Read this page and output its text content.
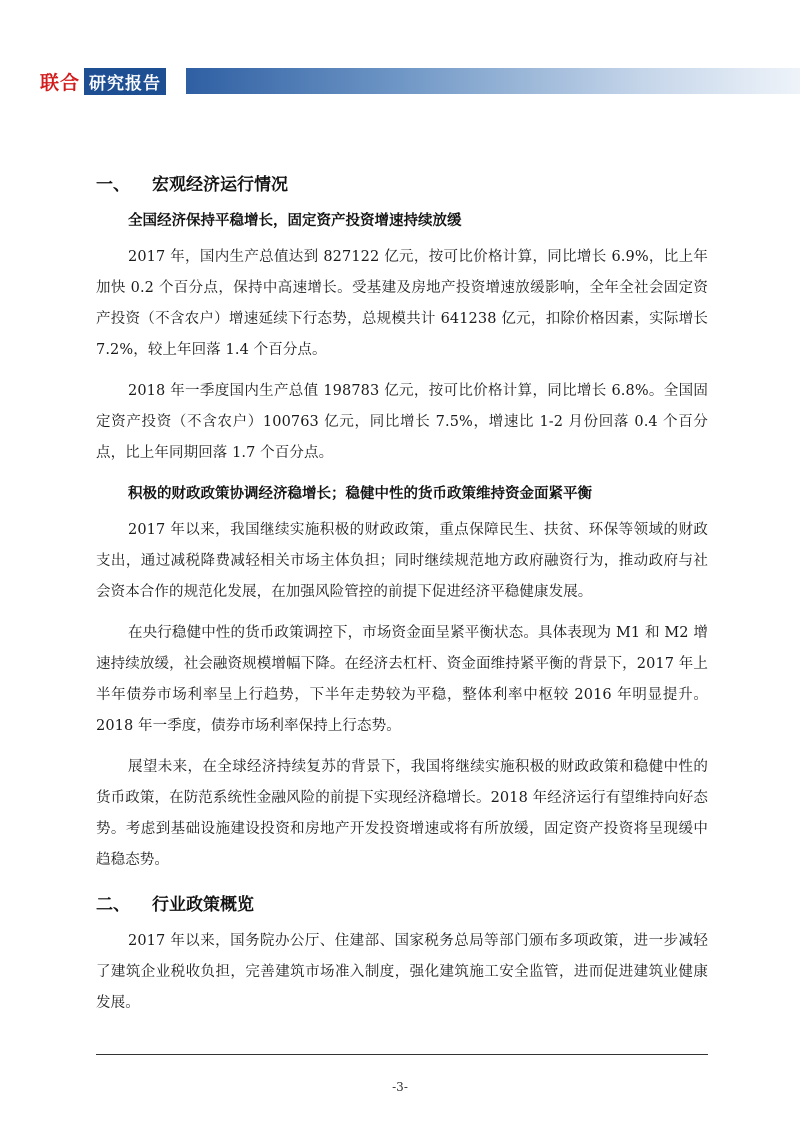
联合 研究报告
一、 宏观经济运行情况
全国经济保持平稳增长，固定资产投资增速持续放缓

2017 年，国内生产总值达到 827122 亿元，按可比价格计算，同比增长 6.9%，比上年加快 0.2 个百分点，保持中高速增长。受基建及房地产投资增速放缓影响，全年全社会固定资产投资（不含农户）增速延续下行态势，总规模共计 641238 亿元，扣除价格因素，实际增长 7.2%，较上年回落 1.4 个百分点。

2018 年一季度国内生产总值 198783 亿元，按可比价格计算，同比增长 6.8%。全国固定资产投资（不含农户）100763 亿元，同比增长 7.5%，增速比 1-2 月份回落 0.4 个百分点，比上年同期回落 1.7 个百分点。

积极的财政政策协调经济稳增长；稳健中性的货币政策维持资金面紧平衡

2017 年以来，我国继续实施积极的财政政策，重点保障民生、扶贫、环保等领域的财政支出，通过减税降费减轻相关市场主体负担；同时继续规范地方政府融资行为，推动政府与社会资本合作的规范化发展，在加强风险管控的前提下促进经济平稳健康发展。

在央行稳健中性的货币政策调控下，市场资金面呈紧平衡状态。具体表现为 M1 和 M2 增速持续放缓，社会融资规模增幅下降。在经济去杠杆、资金面维持紧平衡的背景下，2017 年上半年债券市场利率呈上行趋势，下半年走势较为平稳，整体利率中枢较 2016 年明显提升。2018 年一季度，债券市场利率保持上行态势。

展望未来，在全球经济持续复苏的背景下，我国将继续实施积极的财政政策和稳健中性的货币政策，在防范系统性金融风险的前提下实现经济稳增长。2018 年经济运行有望维持向好态势。考虑到基础设施建设投资和房地产开发投资增速或将有所放缓，固定资产投资将呈现缓中趋稳态势。

二、 行业政策概览

2017 年以来，国务院办公厅、住建部、国家税务总局等部门颁布多项政策，进一步减轻了建筑企业税收负担，完善建筑市场准入制度，强化建筑施工安全监管，进而促进建筑业健康发展。

-3-
